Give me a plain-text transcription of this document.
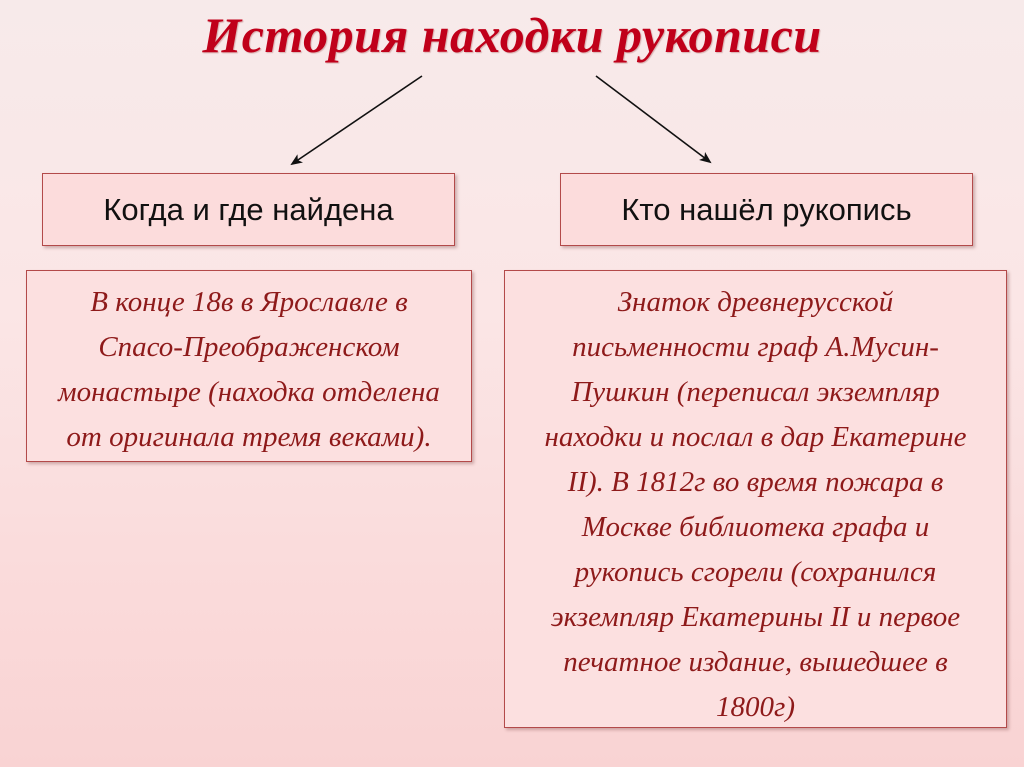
История находки рукописи
Когда и где найдена	Кто нашёл рукопись
В конце 18в в Ярославле в
Спасо-Преображенском
монастыре (находка отделена
от оригинала тремя веками).
Знаток древнерусской
письменности граф А.Мусин-
Пушкин (переписал экземпляр
находки и послал в дар Екатерине
II). В 1812г во время пожара в
Москве библиотека графа и
рукопись сгорели (сохранился
экземпляр Екатерины II и первое
печатное издание, вышедшее в
1800г)
